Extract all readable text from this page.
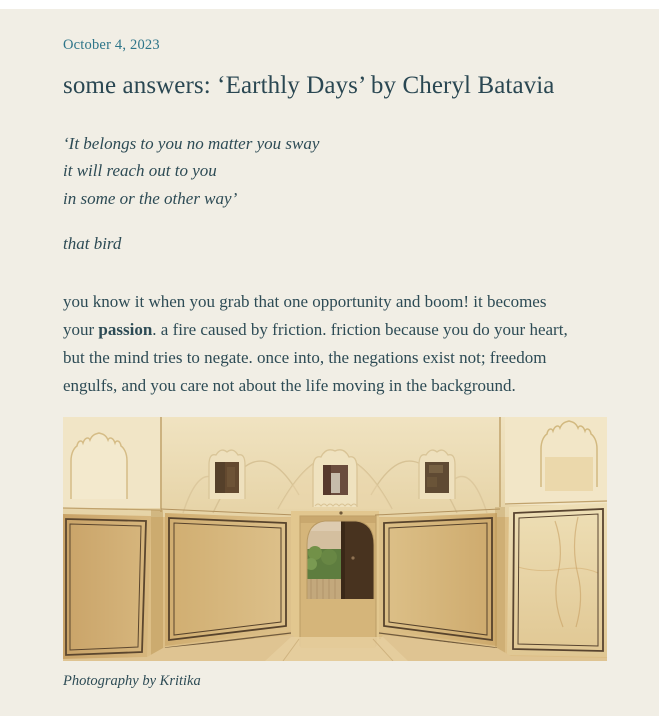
October 4, 2023
some answers: ‘Earthly Days’ by Cheryl Batavia

‘It belongs to you no matter you sway

it will reach out to you

in some or the other way’

that bird

you know it when you grab that one opportunity and boom! it becomes

your passion. a fire caused by friction. friction because you do your heart,

but the mind tries to negate. once into, the negations exist not; freedom

engulfs, and you care not about the life moving in the background.

Photography by Kritika
